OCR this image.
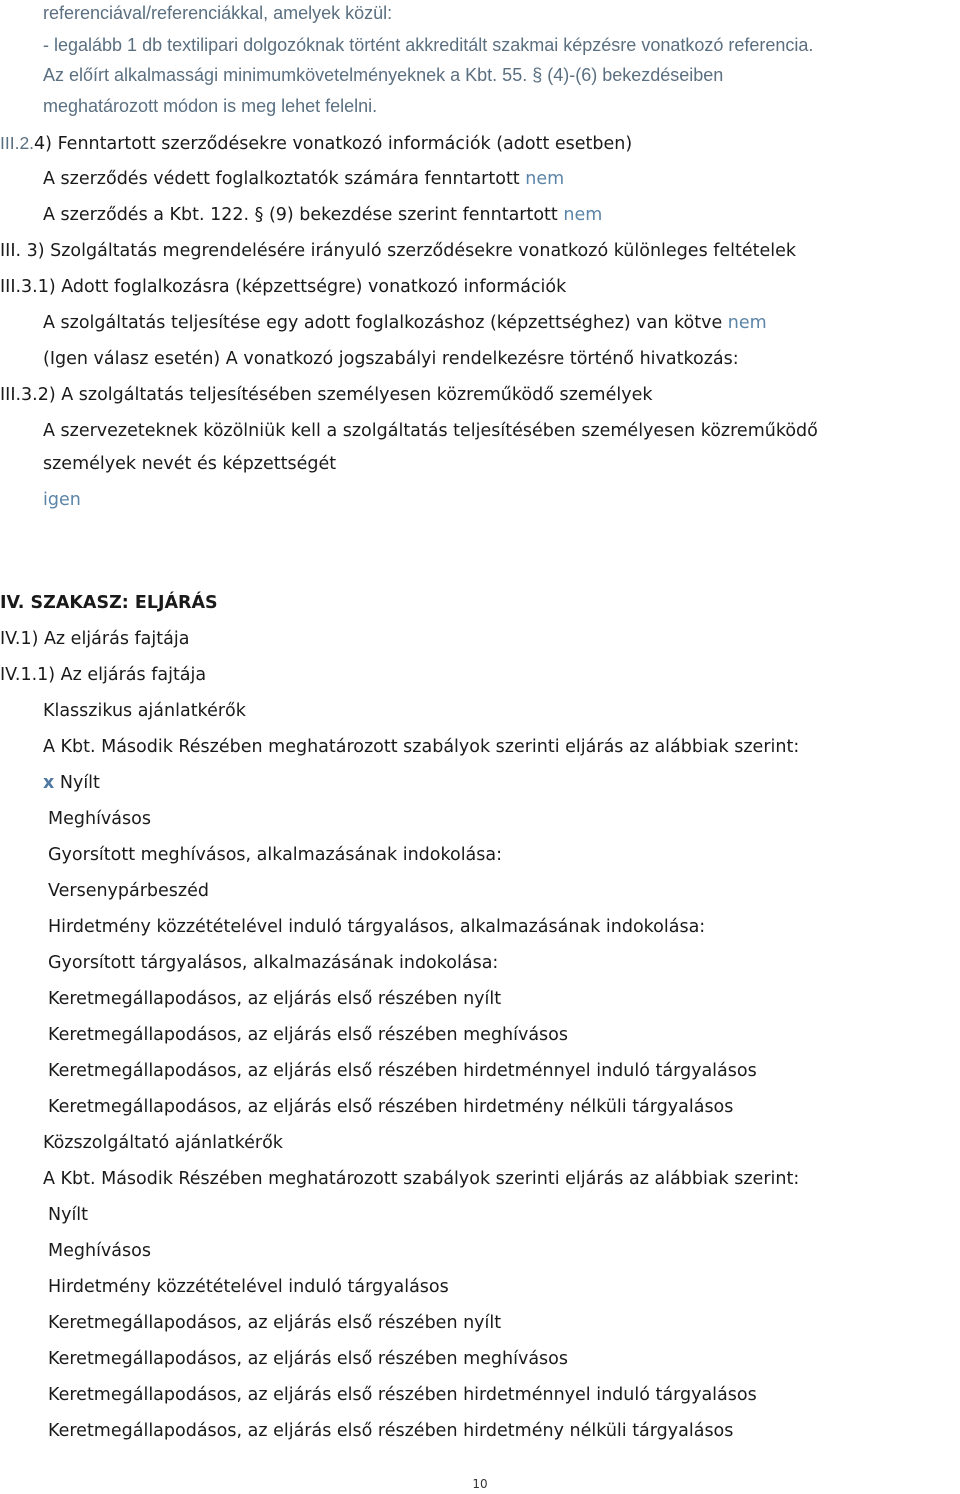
referenciával/referenciákkal, amelyek közül:
- legalább 1 db textilipari dolgozóknak történt akkreditált szakmai képzésre vonatkozó referencia.
Az előírt alkalmassági minimumkövetelményeknek a Kbt. 55. § (4)-(6) bekezdéseiben
meghatározott módon is meg lehet felelni.
III.2.4) Fenntartott szerződésekre vonatkozó információk (adott esetben)
A szerződés védett foglalkoztatók számára fenntartott nem
A szerződés a Kbt. 122. § (9) bekezdése szerint fenntartott nem
III. 3) Szolgáltatás megrendelésére irányuló szerződésekre vonatkozó különleges feltételek
III.3.1) Adott foglalkozásra (képzettségre) vonatkozó információk
A szolgáltatás teljesítése egy adott foglalkozáshoz (képzettséghez) van kötve nem
(Igen válasz esetén) A vonatkozó jogszabályi rendelkezésre történő hivatkozás:
III.3.2) A szolgáltatás teljesítésében személyesen közreműködő személyek
A szervezeteknek közölniük kell a szolgáltatás teljesítésében személyesen közreműködő
személyek nevét és képzettségét
igen
IV. SZAKASZ: ELJÁRÁS
IV.1) Az eljárás fajtája
IV.1.1) Az eljárás fajtája
Klasszikus ajánlatkérők
A Kbt. Második Részében meghatározott szabályok szerinti eljárás az alábbiak szerint:
x Nyílt
Meghívásos
Gyorsított meghívásos, alkalmazásának indokolása:
Versenypárbeszéd
Hirdetmény közzétételével induló tárgyalásos, alkalmazásának indokolása:
Gyorsított tárgyalásos, alkalmazásának indokolása:
Keretmegállapodásos, az eljárás első részében nyílt
Keretmegállapodásos, az eljárás első részében meghívásos
Keretmegállapodásos, az eljárás első részében hirdetménnyel induló tárgyalásos
Keretmegállapodásos, az eljárás első részében hirdetmény nélküli tárgyalásos
Közszolgáltató ajánlatkérők
A Kbt. Második Részében meghatározott szabályok szerinti eljárás az alábbiak szerint:
Nyílt
Meghívásos
Hirdetmény közzétételével induló tárgyalásos
Keretmegállapodásos, az eljárás első részében nyílt
Keretmegállapodásos, az eljárás első részében meghívásos
Keretmegállapodásos, az eljárás első részében hirdetménnyel induló tárgyalásos
Keretmegállapodásos, az eljárás első részében hirdetmény nélküli tárgyalásos
10
